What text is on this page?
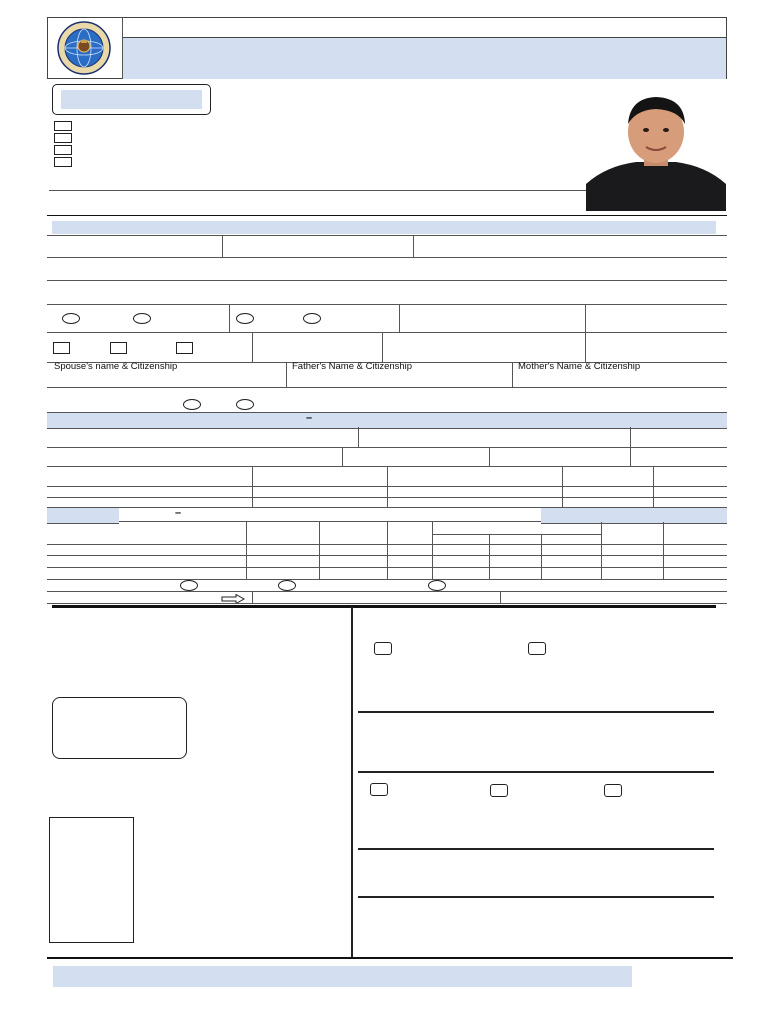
Spouse's name & Citizenship	Father's Name & Citizenship	Mother's Name & Citizenship
–
–
